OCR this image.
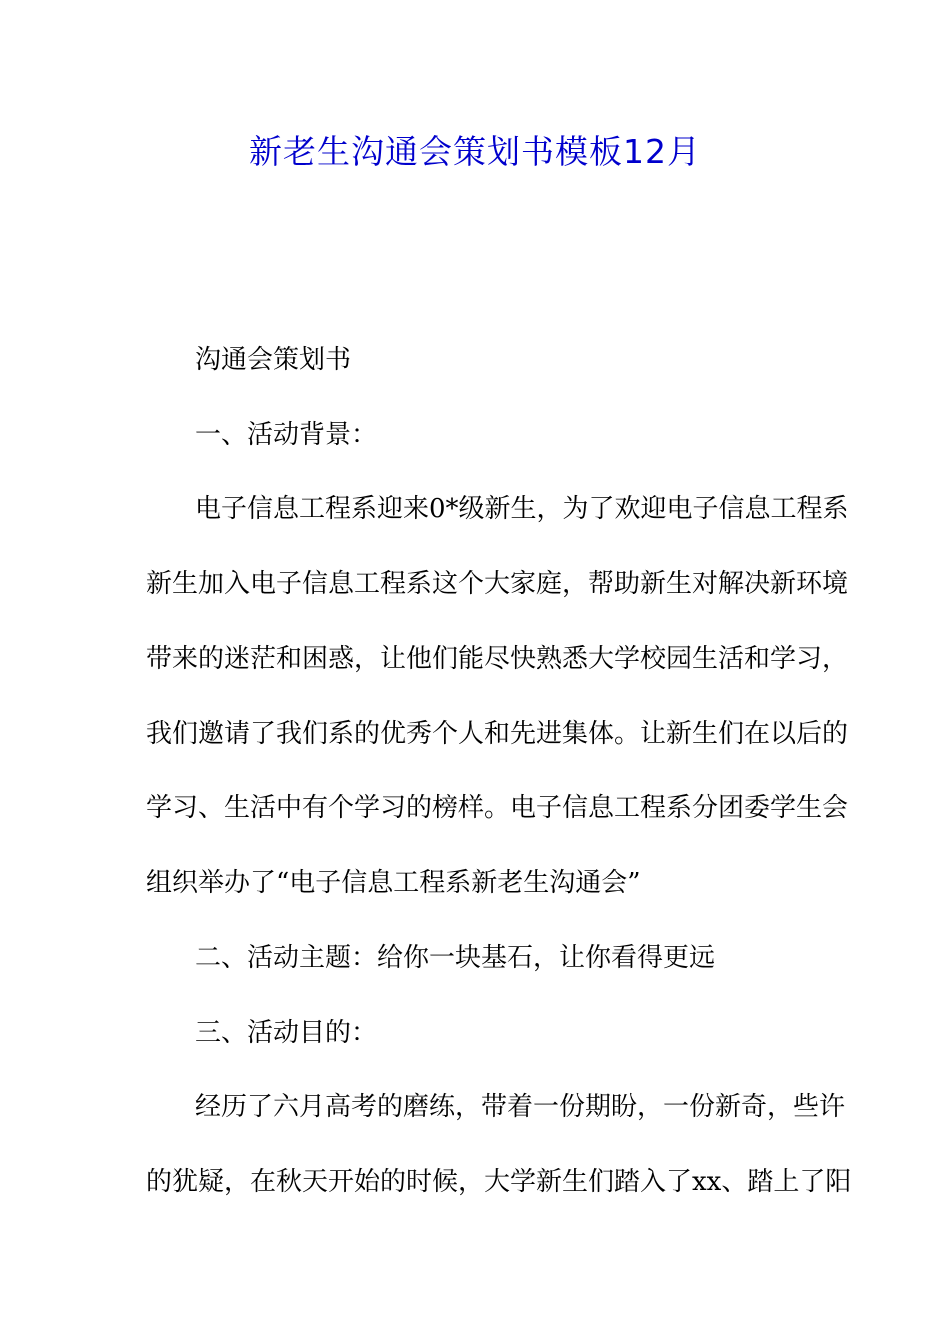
新老生沟通会策划书模板12月

沟通会策划书

一、活动背景：

电子信息工程系迎来0*级新生，为了欢迎电子信息工程系

新生加入电子信息工程系这个大家庭，帮助新生对解决新环境

带来的迷茫和困惑，让他们能尽快熟悉大学校园生活和学习，

我们邀请了我们系的优秀个人和先进集体。让新生们在以后的

学习、生活中有个学习的榜样。电子信息工程系分团委学生会

组织举办了“电子信息工程系新老生沟通会”

二、活动主题：给你一块基石，让你看得更远

三、活动目的：

经历了六月高考的磨练，带着一份期盼，一份新奇，些许

的犹疑，在秋天开始的时候，大学新生们踏入了xx、踏上了阳
